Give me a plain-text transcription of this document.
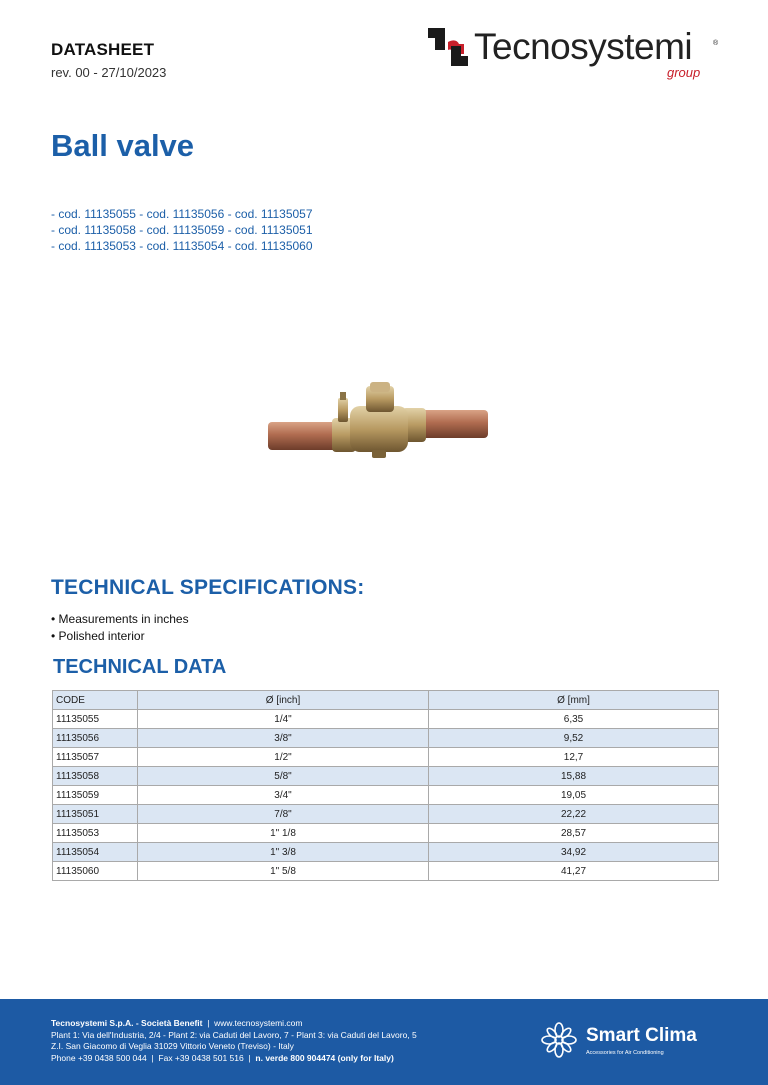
DATASHEET
rev. 00 - 27/10/2023
Tecnosystemi	®
group
Ball valve
- cod. 11135055 - cod. 11135056 - cod. 11135057
- cod. 11135058 - cod. 11135059 - cod. 11135051
- cod. 11135053 - cod. 11135054 - cod. 11135060
TECHNICAL SPECIFICATIONS:
• Measurements in inches
• Polished interior
TECHNICAL DATA
CODE	Ø [inch]	Ø [mm]
11135055	1/4"	6,35
11135056	3/8"	9,52
11135057	1/2"	12,7
11135058	5/8"	15,88
11135059	3/4"	19,05
11135051	7/8"	22,22
11135053	1" 1/8	28,57
11135054	1" 3/8	34,92
11135060	1" 5/8	41,27
Tecnosystemi S.p.A. - Società Benefit  |  www.tecnosystemi.com
Plant 1: Via dell'Industria, 2/4 - Plant 2: via Caduti del Lavoro, 7 - Plant 3: via Caduti del Lavoro, 5
Z.I. San Giacomo di Veglia 31029 Vittorio Veneto (Treviso) - Italy
Phone +39 0438 500 044  |  Fax +39 0438 501 516  |  n. verde 800 904474 (only for Italy)
Smart Clima
Accessories for Air Conditioning
